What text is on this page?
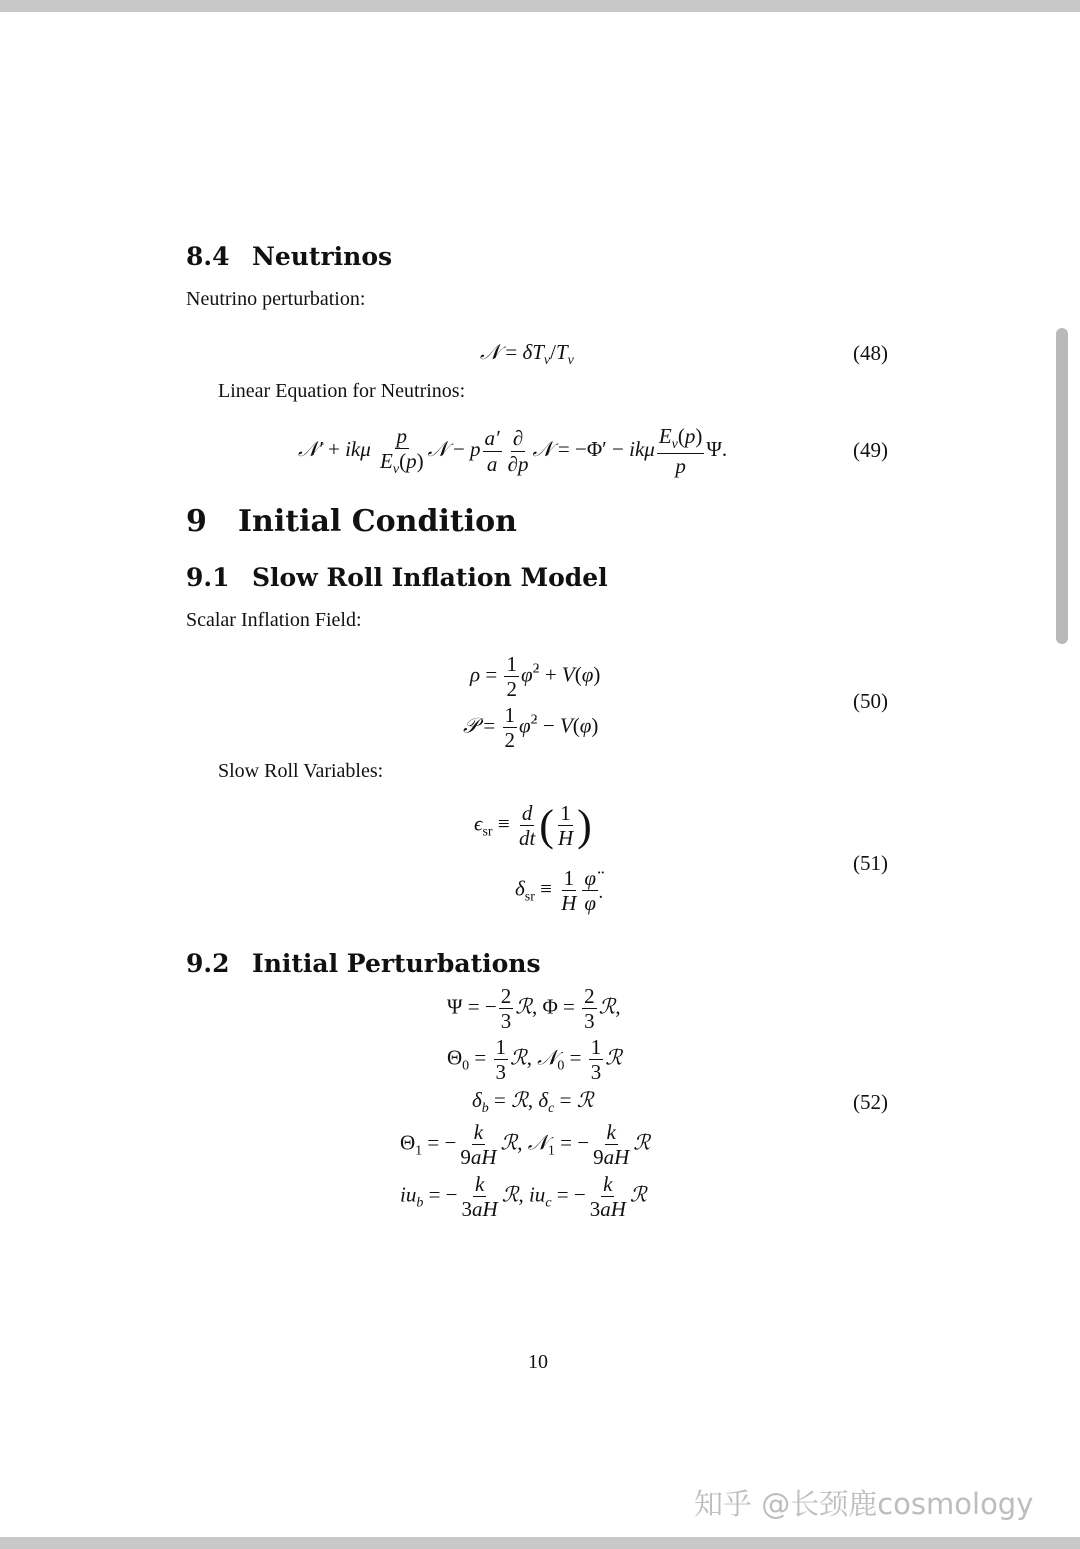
8.4 Neutrinos
Neutrino perturbation:
𝒩 = $\delta T_\nu/T_\nu$	(48)
Linear Equation for Neutrinos:
𝒩′ + ikμ $\frac{p}{E_\nu(p)}$ 𝒩 − p $\frac{a'}{a} \frac{\partial}{\partial p}$ 𝒩 = −Φ′ − ikμ $\frac{E_\nu(p)}{p} \Psi$.	(49)
9 Initial Condition
9.1 Slow Roll Inflation Model
Scalar Inflation Field:
$\rho = \frac{1}{2}$ φ̇$^2$ + V(φ)
𝒫 = $\frac{1}{2}$ φ̇$^2$ − V(φ)
(50)
Slow Roll Variables:
$\epsilon_{sr} \equiv \frac{d}{dt}$ ( $\frac{1}{H}$ )
$\delta_{sr} \equiv \frac{1}{H} \frac{\varphï}{\varphi̇}$
(51)
9.2 Initial Perturbations
Ψ = − $\frac{2}{3}$ ℛ, $\Phi = \frac{2}{3}$ ℛ,
$\Theta_0 = \frac{1}{3}$ ℛ, 𝒩$_0$ = $\frac{1}{3}$ ℛ
$\delta_b$ = ℛ, $\delta_c$ = ℛ
$\Theta_1$ = − $\frac{k}{9aH}$ ℛ, 𝒩$_1$ = − $\frac{k}{9aH}$ ℛ
$iu_b$ = − $\frac{k}{3aH}$ ℛ, $iu_c$ = − $\frac{k}{3aH}$ ℛ
(52)
10
知乎 @长颈鹿cosmology
